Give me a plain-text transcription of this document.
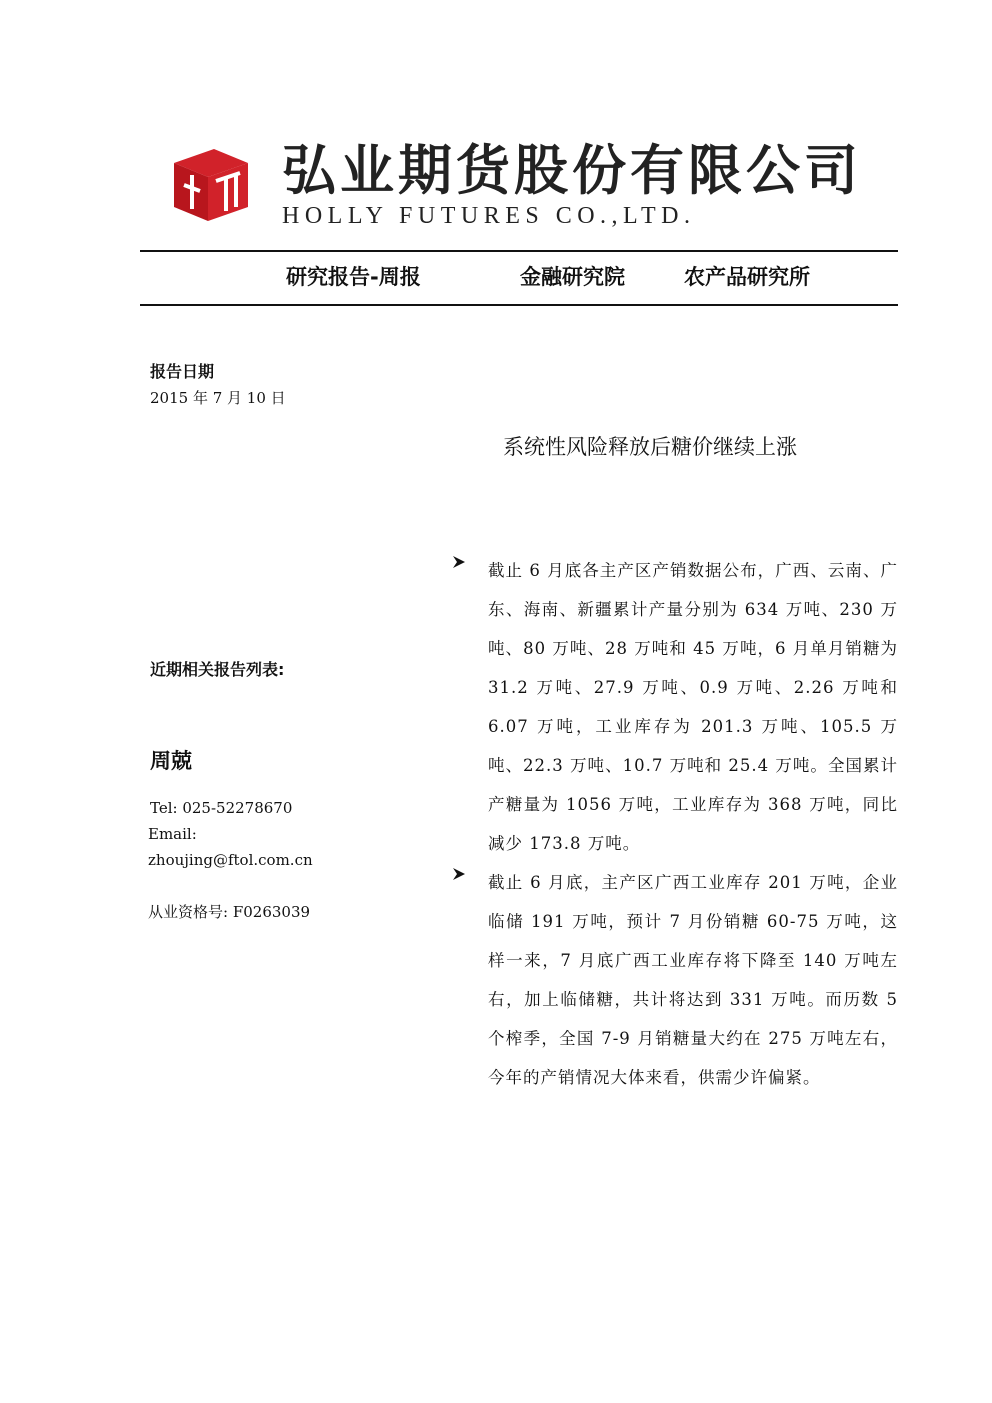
弘业期货股份有限公司
HOLLY FUTURES CO.,LTD.
研究报告-周报	金融研究院	农产品研究所
报告日期
2015 年 7 月 10 日
近期相关报告列表:
周兢
Tel: 025-52278670
Email:
zhoujing@ftol.com.cn
从业资格号: F0263039
系统性风险释放后糖价继续上涨
截止 6 月底各主产区产销数据公布，广西、云南、广东、海南、新疆累计产量分别为 634 万吨、230 万吨、80 万吨、28 万吨和 45 万吨，6 月单月销糖为 31.2 万吨、27.9 万吨、0.9 万吨、2.26 万吨和 6.07 万吨，工业库存为 201.3 万吨、105.5 万吨、22.3 万吨、10.7 万吨和 25.4 万吨。全国累计产糖量为 1056 万吨，工业库存为 368 万吨，同比减少 173.8 万吨。
截止 6 月底，主产区广西工业库存 201 万吨，企业临储 191 万吨，预计 7 月份销糖 60-75 万吨，这样一来，7 月底广西工业库存将下降至 140 万吨左右，加上临储糖，共计将达到 331 万吨。而历数 5 个榨季，全国 7-9 月销糖量大约在 275 万吨左右，今年的产销情况大体来看，供需少许偏紧。
